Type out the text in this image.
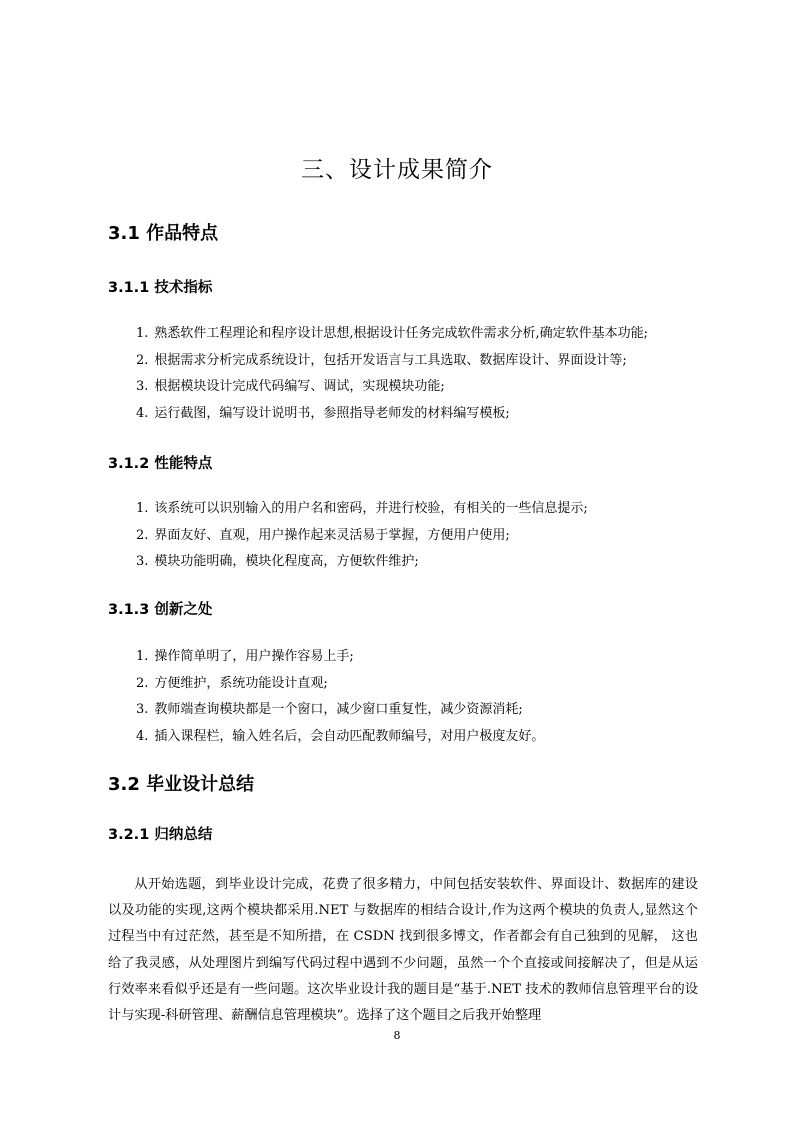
三、设计成果简介
3.1 作品特点
3.1.1 技术指标
1. 熟悉软件工程理论和程序设计思想,根据设计任务完成软件需求分析,确定软件基本功能;
2. 根据需求分析完成系统设计，包括开发语言与工具选取、数据库设计、界面设计等;
3. 根据模块设计完成代码编写、调试，实现模块功能;
4. 运行截图，编写设计说明书，参照指导老师发的材料编写模板;
3.1.2 性能特点
1. 该系统可以识别输入的用户名和密码，并进行校验，有相关的一些信息提示;
2. 界面友好、直观，用户操作起来灵活易于掌握，方便用户使用;
3. 模块功能明确，模块化程度高，方便软件维护;
3.1.3 创新之处
1. 操作简单明了，用户操作容易上手;
2. 方便维护，系统功能设计直观;
3. 教师端查询模块都是一个窗口，减少窗口重复性，减少资源消耗;
4. 插入课程栏，输入姓名后，会自动匹配教师编号，对用户极度友好。
3.2 毕业设计总结
3.2.1 归纳总结

从开始选题，到毕业设计完成，花费了很多精力，中间包括安装软件、界面设计、数据库的建设以及功能的实现,这两个模块都采用.NET 与数据库的相结合设计,作为这两个模块的负责人,显然这个过程当中有过茫然，甚至是不知所措，在 CSDN 找到很多博文，作者都会有自己独到的见解， 这也给了我灵感，从处理图片到编写代码过程中遇到不少问题，虽然一个个直接或间接解决了，但是从运行效率来看似乎还是有一些问题。这次毕业设计我的题目是“基于.NET 技术的教师信息管理平台的设计与实现-科研管理、薪酬信息管理模块”。选择了这个题目之后我开始整理

8
